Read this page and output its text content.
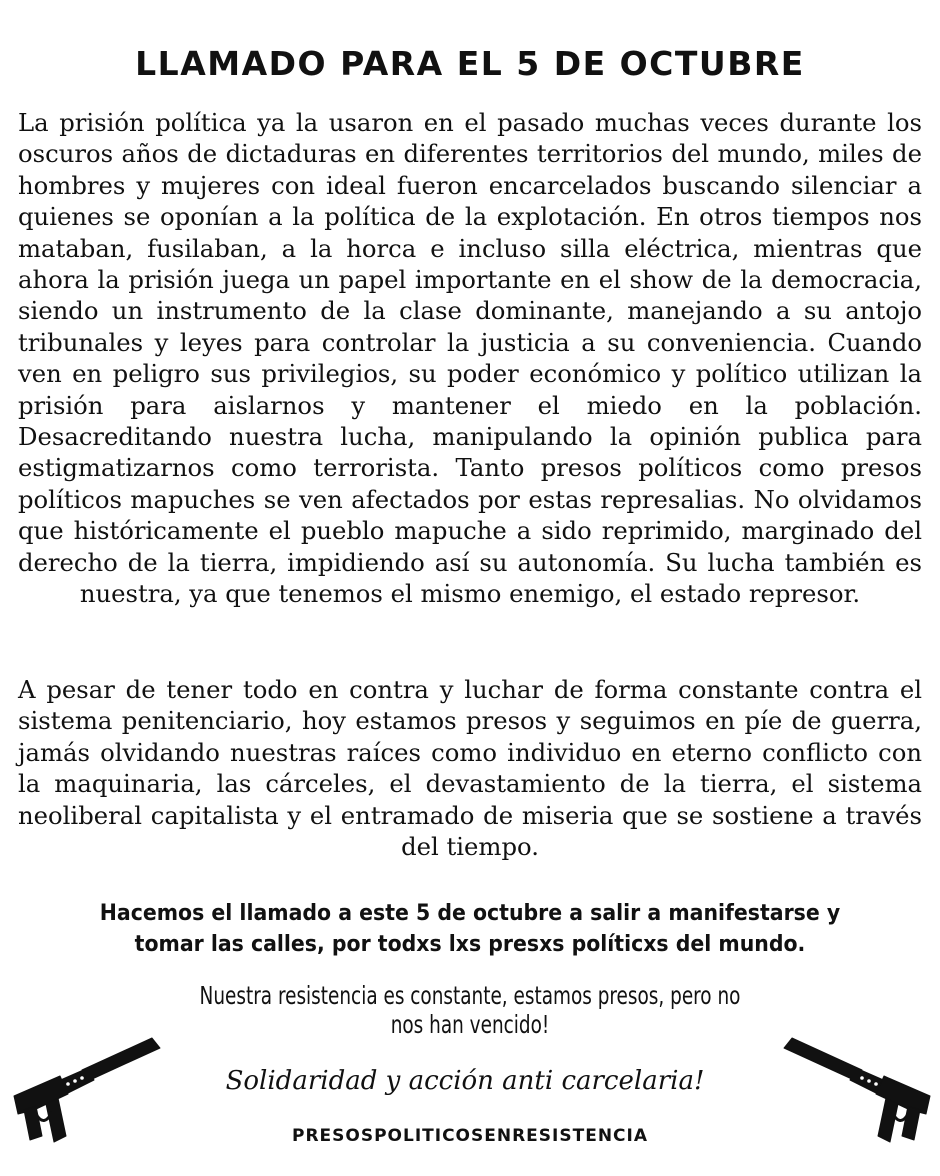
LLAMADO PARA EL 5 DE OCTUBRE
La prisión política ya la usaron en el pasado muchas veces durante los oscuros años de dictaduras en diferentes territorios del mundo, miles de hombres y mujeres con ideal fueron encarcelados buscando silenciar a quienes se oponían a la política de la explotación. En otros tiempos nos mataban, fusilaban, a la horca e incluso silla eléctrica, mientras que ahora la prisión juega un papel importante en el show de la democracia, siendo un instrumento de la clase dominante, manejando a su antojo tribunales y leyes para controlar la justicia a su conveniencia. Cuando ven en peligro sus privilegios, su poder económico y político utilizan la prisión para aislarnos y mantener el miedo en la población. Desacreditando nuestra lucha, manipulando la opinión publica para estigmatizarnos como terrorista. Tanto presos políticos como presos políticos mapuches se ven afectados por estas represalias. No olvidamos que históricamente el pueblo mapuche a sido reprimido, marginado del derecho de la tierra, impidiendo así su autonomía. Su lucha también es nuestra, ya que tenemos el mismo enemigo, el estado represor.
A pesar de tener todo en contra y luchar de forma constante contra el sistema penitenciario, hoy estamos presos y seguimos en píe de guerra, jamás olvidando nuestras raíces como individuo en eterno conflicto con la maquinaria, las cárceles, el devastamiento de la tierra, el sistema neoliberal capitalista y el entramado de miseria que se sostiene a través del tiempo.
Hacemos el llamado a este 5 de octubre a salir a manifestarse y tomar las calles, por todxs lxs presxs políticxs del mundo.
Nuestra resistencia es constante, estamos presos, pero no nos han vencido!
Solidaridad y acción anti carcelaria!
PRESOSPOLITICOSENRESISTENCIA
